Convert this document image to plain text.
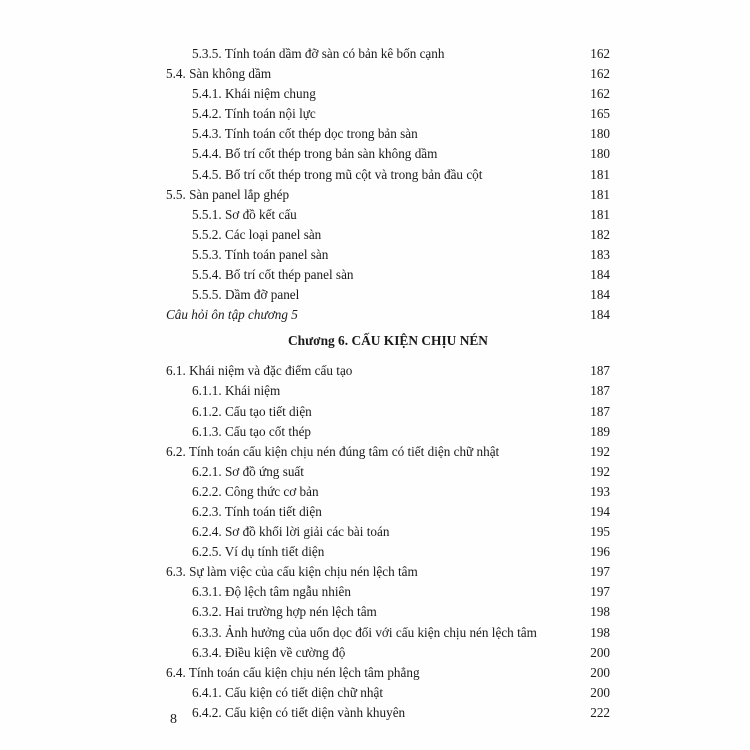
5.3.5. Tính toán dầm đỡ sàn có bản kê bốn cạnh	162
5.4. Sàn không dầm	162
5.4.1. Khái niệm chung	162
5.4.2. Tính toán nội lực	165
5.4.3. Tính toán cốt thép dọc trong bản sàn	180
5.4.4. Bố trí cốt thép trong bản sàn không dầm	180
5.4.5. Bố trí cốt thép trong mũ cột và trong bản đầu cột	181
5.5. Sàn panel lắp ghép	181
5.5.1. Sơ đồ kết cấu	181
5.5.2. Các loại panel sàn	182
5.5.3. Tính toán panel sàn	183
5.5.4. Bố trí cốt thép panel sàn	184
5.5.5. Dầm đỡ panel	184
Câu hỏi ôn tập chương 5	184
Chương 6. CẤU KIỆN CHỊU NÉN
6.1. Khái niệm và đặc điểm cấu tạo	187
6.1.1. Khái niệm	187
6.1.2. Cấu tạo tiết diện	187
6.1.3. Cấu tạo cốt thép	189
6.2. Tính toán cấu kiện chịu nén đúng tâm có tiết diện chữ nhật	192
6.2.1. Sơ đồ ứng suất	192
6.2.2. Công thức cơ bản	193
6.2.3. Tính toán tiết diện	194
6.2.4. Sơ đồ khối lời giải các bài toán	195
6.2.5. Ví dụ tính tiết diện	196
6.3. Sự làm việc của cấu kiện chịu nén lệch tâm	197
6.3.1. Độ lệch tâm ngẫu nhiên	197
6.3.2. Hai trường hợp nén lệch tâm	198
6.3.3. Ảnh hưởng của uốn dọc đối với cấu kiện chịu nén lệch tâm	198
6.3.4. Điều kiện về cường độ	200
6.4. Tính toán cấu kiện chịu nén lệch tâm phẳng	200
6.4.1. Cấu kiện có tiết diện chữ nhật	200
6.4.2. Cấu kiện có tiết diện vành khuyên	222
8
